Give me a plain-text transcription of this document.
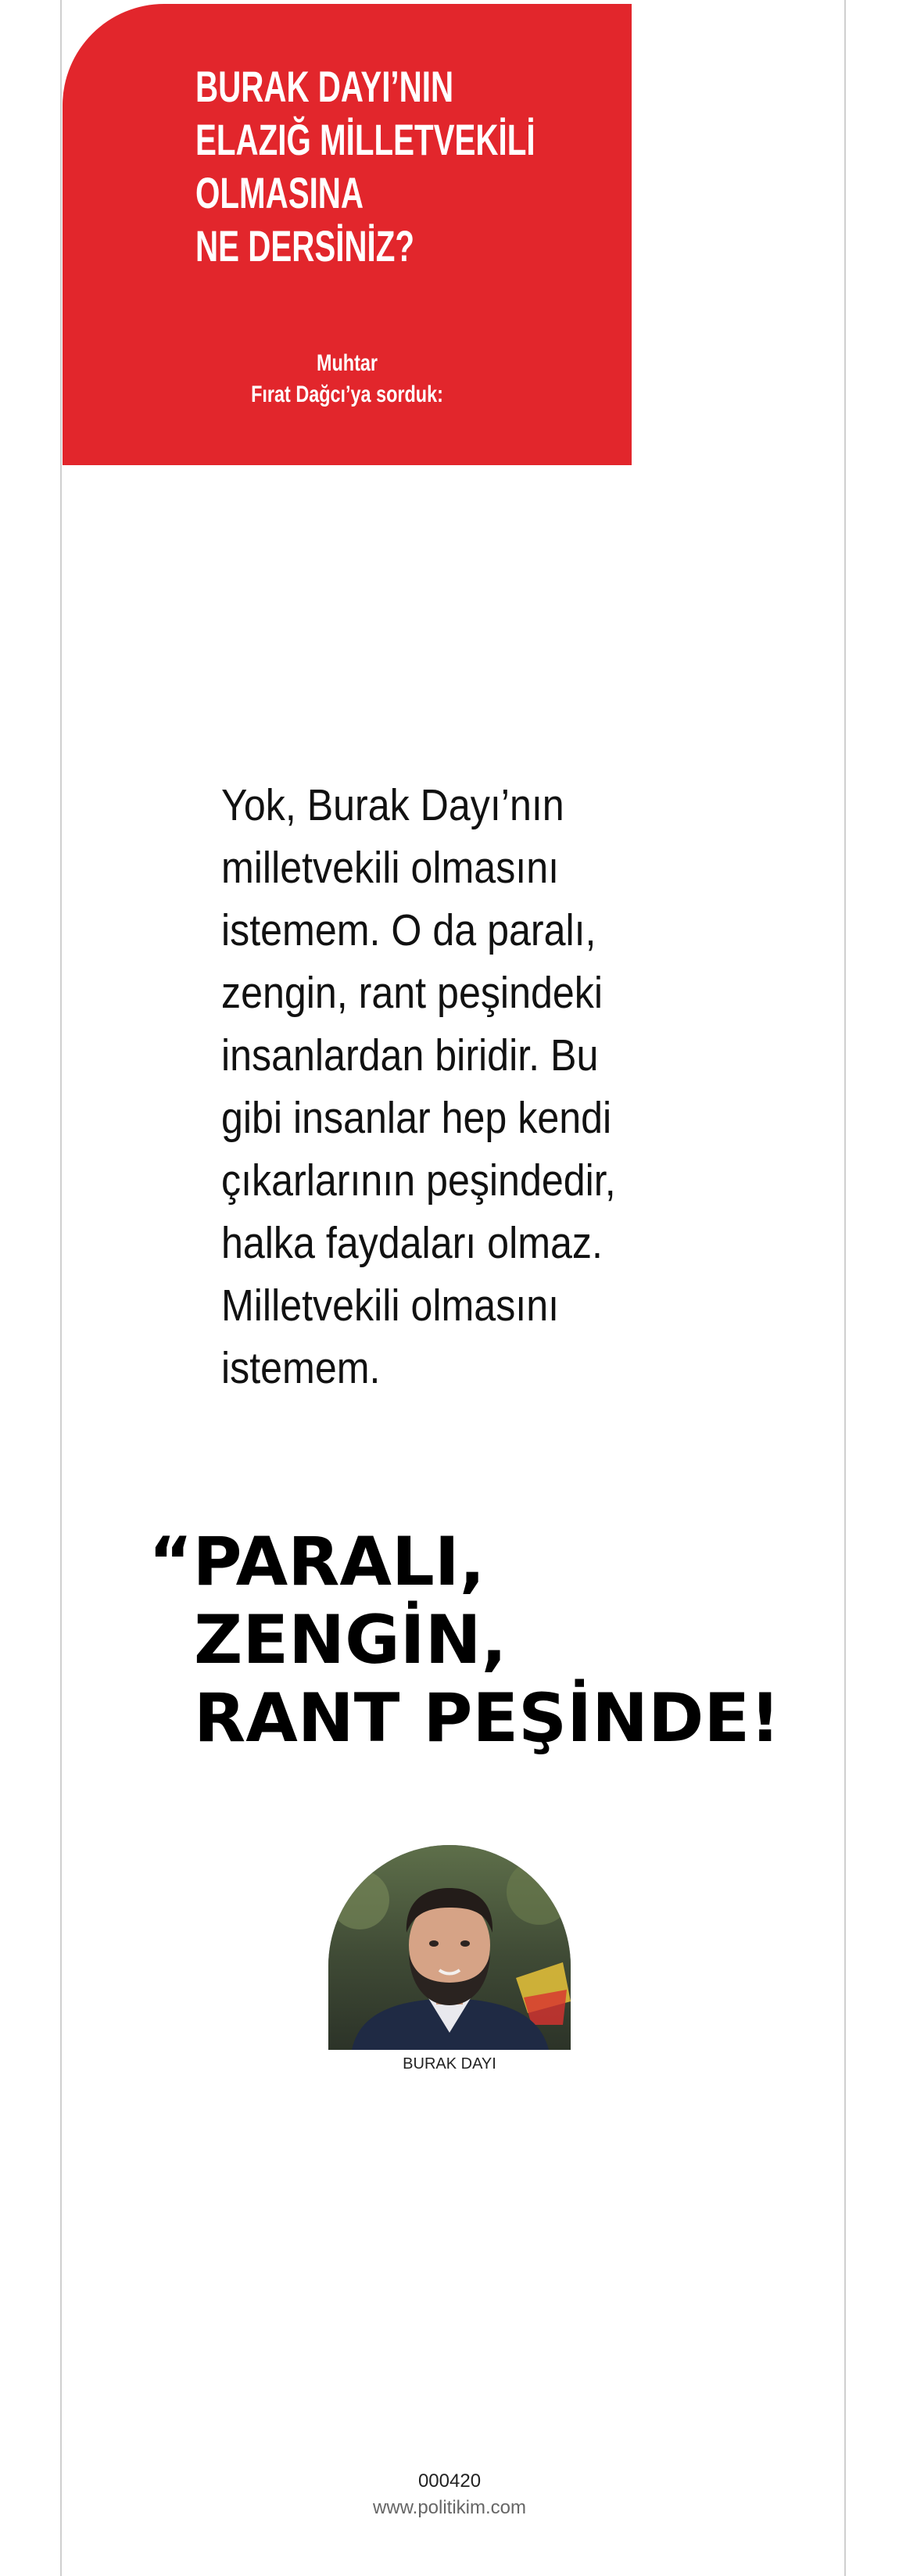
BURAK DAYI’NIN
ELAZIĞ MİLLETVEKİLİ
OLMASINA
NE DERSİNİZ?
Muhtar
Fırat Dağcı’ya sorduk:

Yok, Burak Dayı’nın
milletvekili olmasını
istemem. O da paralı,
zengin, rant peşindeki
insanlardan biridir. Bu
gibi insanlar hep kendi
çıkarlarının peşindedir,
halka faydaları olmaz.
Milletvekili olmasını
istemem.

“PARALI,
ZENGİN,
RANT PEŞİNDE!
BURAK DAYI
000420
www.politikim.com
